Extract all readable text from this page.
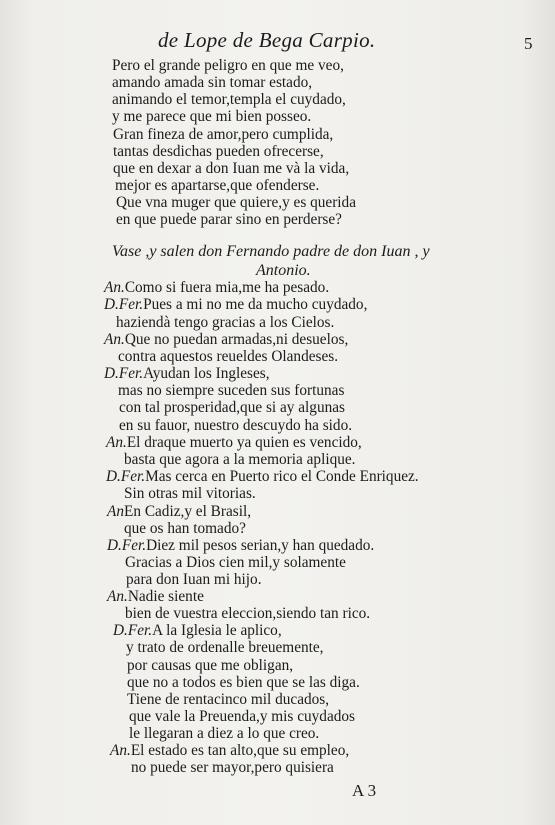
de Lope de Bega Carpio.	5
Pero el grande peligro en que me veo,
amando amada sin tomar estado,
animando el temor,templa el cuydado,
y me parece que mi bien posseo.
Gran fineza de amor,pero cumplida,
tantas desdichas pueden ofrecerse,
que en dexar a don Iuan me và la vida,
mejor es apartarse,que ofenderse.
Que vna muger que quiere,y es querida
en que puede parar sino en perderse?
Vase ,y salen don Fernando padre de don Iuan , y
Antonio.
An.Como si fuera mia,me ha pesado.
D.Fer.Pues a mi no me da mucho cuydado,
haziendà tengo gracias a los Cielos.
An.Que no puedan armadas,ni desuelos,
contra aquestos reueldes Olandeses.
D.Fer.Ayudan los Ingleses,
mas no siempre suceden sus fortunas
con tal prosperidad,que si ay algunas
en su fauor, nuestro descuydo ha sido.
An.El draque muerto ya quien es vencido,
basta que agora a la memoria aplique.
D.Fer.Mas cerca en Puerto rico el Conde Enriquez.
Sin otras mil vitorias.
AnEn Cadiz,y el Brasil,
que os han tomado?
D.Fer.Diez mil pesos serian,y han quedado.
Gracias a Dios cien mil,y solamente
para don Iuan mi hijo.
An.Nadie siente
bien de vuestra eleccion,siendo tan rico.
D.Fer.A la Iglesia le aplico,
y trato de ordenalle breuemente,
por causas que me obligan,
que no a todos es bien que se las diga.
Tiene de rentacinco mil ducados,
que vale la Preuenda,y mis cuydados
le llegaran a diez a lo que creo.
An.El estado es tan alto,que su empleo,
no puede ser mayor,pero quisiera
A 3
